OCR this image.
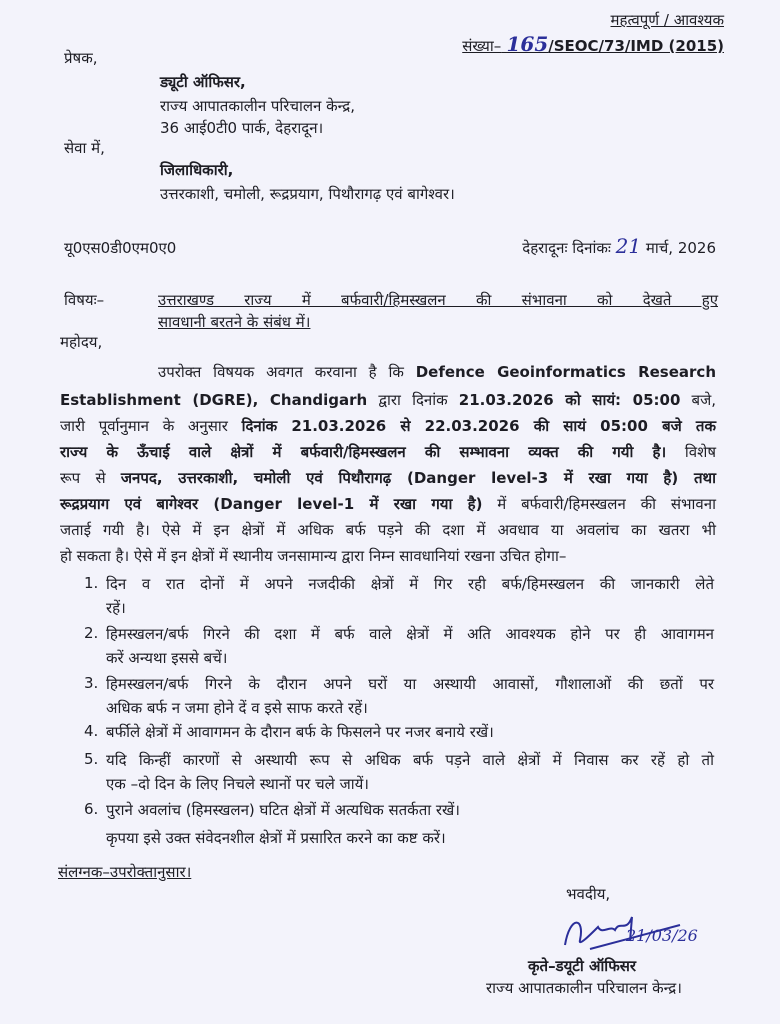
महत्वपूर्ण / आवश्यक
संख्या– 165/SEOC/73/IMD (2015)
प्रेषक,
ड्यूटी ऑफिसर,
राज्य आपातकालीन परिचालन केन्द्र,
36 आई0टी0 पार्क, देहरादून।
सेवा में,
जिलाधिकारी,
उत्तरकाशी, चमोली, रूद्रप्रयाग, पिथौरागढ़ एवं बागेश्वर।
यू0एस0डी0एम0ए0	देहरादूनः दिनांकः 21 मार्च, 2026
विषयः–	उत्तराखण्ड राज्य में बर्फवारी/हिमस्खलन की संभावना को देखते हुए
सावधानी बरतने के संबंध में।
महोदय,
उपरोक्त विषयक अवगत करवाना है कि Defence Geoinformatics Research
Establishment (DGRE), Chandigarh द्वारा दिनांक 21.03.2026 को सायं: 05:00 बजे,
जारी पूर्वानुमान के अनुसार दिनांक 21.03.2026 से 22.03.2026 की सायं 05:00 बजे तक
राज्य के ऊँचाई वाले क्षेत्रों में बर्फवारी/हिमस्खलन की सम्भावना व्यक्त की गयी है। विशेष
रूप से जनपद, उत्तरकाशी, चमोली एवं पिथौरागढ़ (Danger level-3 में रखा गया है) तथा
रूद्रप्रयाग एवं बागेश्वर (Danger level-1 में रखा गया है) में बर्फवारी/हिमस्खलन की संभावना
जताई गयी है। ऐसे में इन क्षेत्रों में अधिक बर्फ पड़ने की दशा में अवधाव या अवलांच का खतरा भी
हो सकता है। ऐसे में इन क्षेत्रों में स्थानीय जनसामान्य द्वारा निम्न सावधानियां रखना उचित होगा–
1. दिन व रात दोनों में अपने नजदीकी क्षेत्रों में गिर रही बर्फ/हिमस्खलन की जानकारी लेते
रहें।
2. हिमस्खलन/बर्फ गिरने की दशा में बर्फ वाले क्षेत्रों में अति आवश्यक होने पर ही आवागमन
करें अन्यथा इससे बचें।
3. हिमस्खलन/बर्फ गिरने के दौरान अपने घरों या अस्थायी आवासों, गौशालाओं की छतों पर
अधिक बर्फ न जमा होने दें व इसे साफ करते रहें।
4. बर्फीले क्षेत्रों में आवागमन के दौरान बर्फ के फिसलने पर नजर बनाये रखें।
5. यदि किन्हीं कारणों से अस्थायी रूप से अधिक बर्फ पड़ने वाले क्षेत्रों में निवास कर रहें हो तो
एक –दो दिन के लिए निचले स्थानों पर चले जायें।
6. पुराने अवलांच (हिमस्खलन) घटित क्षेत्रों में अत्यधिक सतर्कता रखें।
कृपया इसे उक्त संवेदनशील क्षेत्रों में प्रसारित करने का कष्ट करें।
संलग्नक–उपरोक्तानुसार।
भवदीय,
21/03/26
कृते–डयूटी ऑफिसर
राज्य आपातकालीन परिचालन केन्द्र।
